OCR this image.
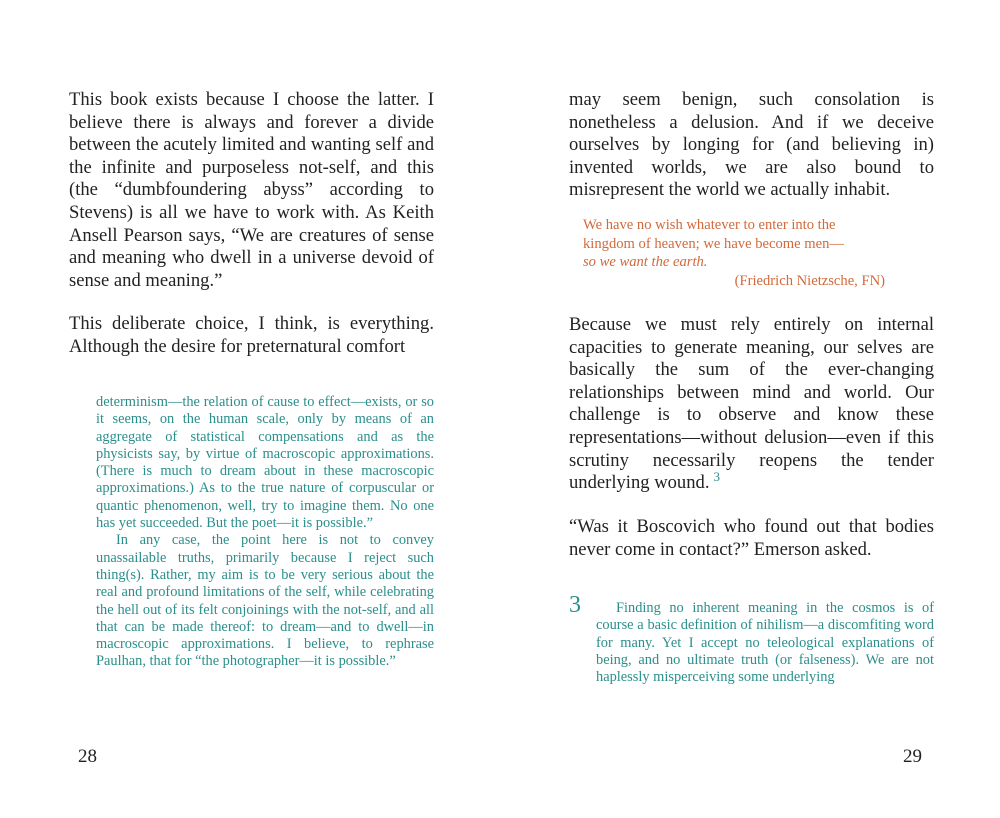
This book exists because I choose the latter. I believe there is always and forever a divide between the acutely limited and wanting self and the infinite and purposeless not-self, and this (the “dumbfoundering abyss” according to Stevens) is all we have to work with. As Keith Ansell Pearson says, “We are creatures of sense and meaning who dwell in a universe devoid of sense and meaning.”

This deliberate choice, I think, is everything. Although the desire for preternatural comfort

determinism—the relation of cause to effect—exists, or so it seems, on the human scale, only by means of an aggregate of statistical compensations and as the physicists say, by virtue of macroscopic approximations. (There is much to dream about in these macroscopic approximations.) As to the true nature of corpuscular or quantic phenomenon, well, try to imagine them. No one has yet succeeded. But the poet—it is possible.”

In any case, the point here is not to convey unassailable truths, primarily because I reject such thing(s). Rather, my aim is to be very serious about the real and profound limitations of the self, while celebrating the hell out of its felt conjoinings with the not-self, and all that can be made thereof: to dream—and to dwell—in macroscopic approximations. I believe, to rephrase Paulhan, that for “the photographer—it is possible.”

28

may seem benign, such consolation is nonetheless a delusion. And if we deceive ourselves by longing for (and believing in) invented worlds, we are also bound to misrepresent the world we actually inhabit.

We have no wish whatever to enter into the

kingdom of heaven; we have become men—

so we want the earth.

(Friedrich Nietzsche, FN)

Because we must rely entirely on internal capacities to generate meaning, our selves are basically the sum of the ever-changing relationships between mind and world. Our challenge is to observe and know these representations—without delusion—even if this scrutiny necessarily reopens the tender underlying wound. $^3$

“Was it Boscovich who found out that bodies never come in contact?” Emerson asked.

Finding no inherent meaning in the cosmos is of course a basic definition of nihilism—a discomfiting word for many. Yet I accept no teleological explanations of being, and no ultimate truth (or falseness). We are not haplessly misperceiving some underlying

29
3
